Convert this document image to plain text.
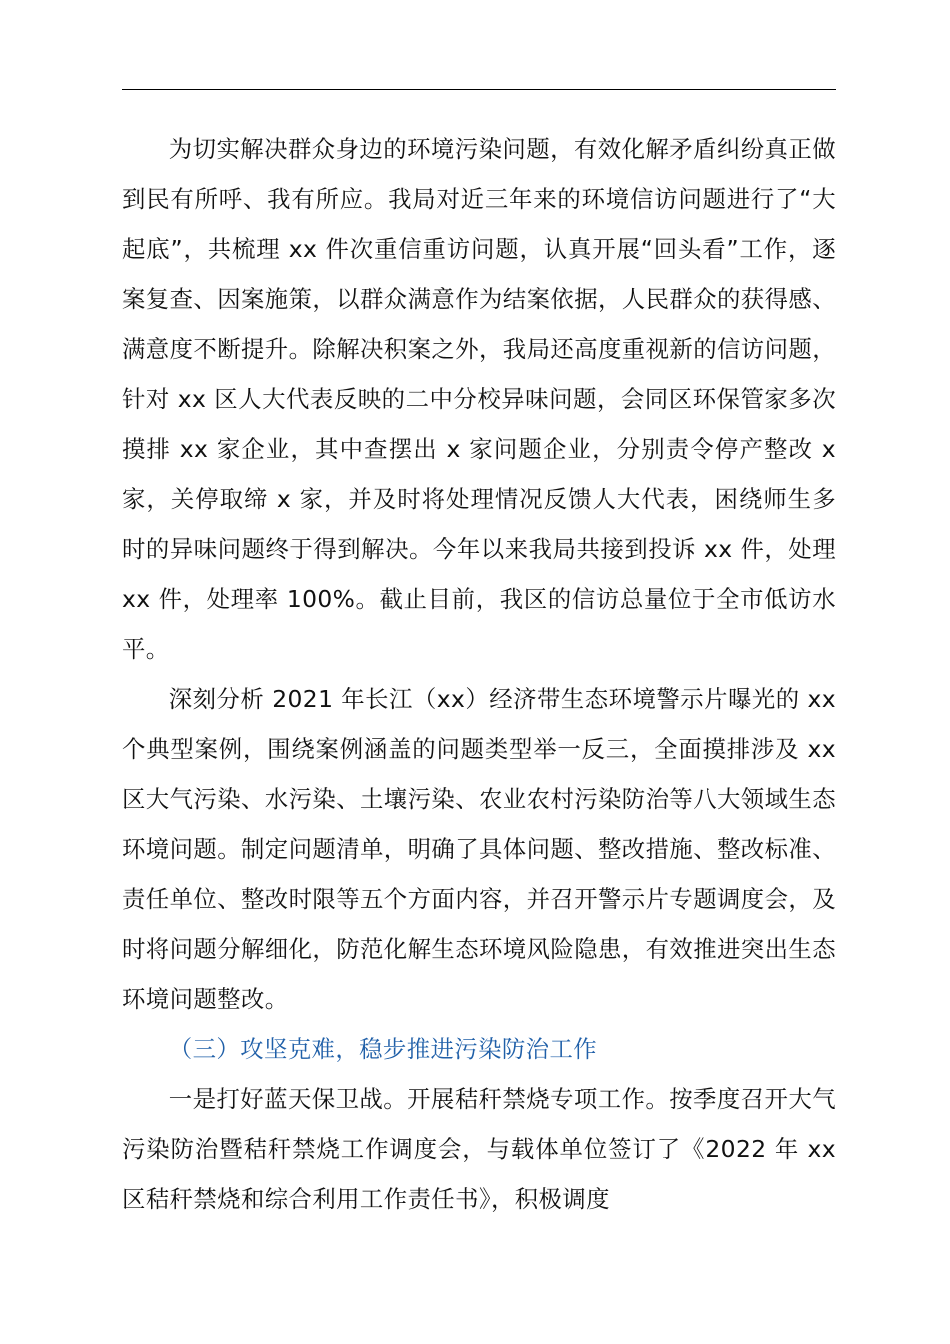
为切实解决群众身边的环境污染问题，有效化解矛盾纠纷真正做到民有所呼、我有所应。我局对近三年来的环境信访问题进行了“大起底”，共梳理 xx 件次重信重访问题，认真开展“回头看”工作，逐案复查、因案施策，以群众满意作为结案依据，人民群众的获得感、满意度不断提升。除解决积案之外，我局还高度重视新的信访问题，针对 xx 区人大代表反映的二中分校异味问题，会同区环保管家多次摸排 xx 家企业，其中查摆出 x 家问题企业，分别责令停产整改 x 家，关停取缔 x 家，并及时将处理情况反馈人大代表，困绕师生多时的异味问题终于得到解决。今年以来我局共接到投诉 xx 件，处理 xx 件，处理率 100%。截止目前，我区的信访总量位于全市低访水平。

深刻分析 2021 年长江（xx）经济带生态环境警示片曝光的 xx 个典型案例，围绕案例涵盖的问题类型举一反三，全面摸排涉及 xx 区大气污染、水污染、土壤污染、农业农村污染防治等八大领域生态环境问题。制定问题清单，明确了具体问题、整改措施、整改标准、责任单位、整改时限等五个方面内容，并召开警示片专题调度会，及时将问题分解细化，防范化解生态环境风险隐患，有效推进突出生态环境问题整改。

（三）攻坚克难，稳步推进污染防治工作

一是打好蓝天保卫战。开展秸秆禁烧专项工作。按季度召开大气污染防治暨秸秆禁烧工作调度会，与载体单位签订了《2022 年 xx 区秸秆禁烧和综合利用工作责任书》，积极调度
